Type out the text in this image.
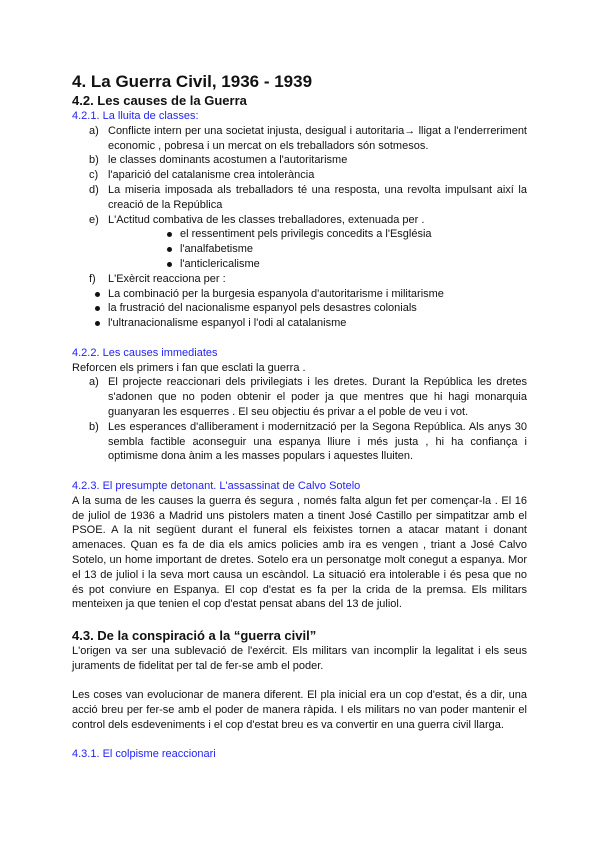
4. La Guerra Civil, 1936 - 1939
4.2. Les causes de la Guerra
4.2.1. La lluita de classes:
a) Conflicte intern per una societat injusta, desigual i autoritaria→ lligat a l'enderreriment economic , pobresa i un mercat on els treballadors són sotmesos.
b) le classes dominants acostumen a l'autoritarisme
c) l'aparició del catalanisme crea intolerància
d) La miseria imposada als treballadors té una resposta, una revolta impulsant així la creació de la República
e) L'Actitud combativa de les classes treballadores, extenuada per .
el ressentiment pels privilegis concedits a l'Església
l'analfabetisme
l'anticlericalisme
f) L'Exèrcit reacciona per :
La combinació per la burgesia espanyola d'autoritarisme i militarisme
la frustració del nacionalisme espanyol pels desastres colonials
l'ultranacionalisme espanyol i l'odi al catalanisme
4.2.2. Les causes immediates

Reforcen els primers i fan que esclati la guerra .

a) El projecte reaccionari dels privilegiats i les dretes. Durant la República les dretes s'adonen que no poden obtenir el poder ja que mentres que hi hagi monarquia guanyaran les esquerres . El seu objectiu és privar a el poble de veu i vot.
b) Les esperances d'alliberament i modernització per la Segona República. Als anys 30 sembla factible aconseguir una espanya lliure i més justa , hi ha confiança i optimisme dona ànim a les masses populars i aquestes lluiten.
4.2.3. El presumpte detonant. L'assassinat de Calvo Sotelo

A la suma de les causes la guerra és segura , només falta algun fet per començar-la . El 16 de juliol de 1936 a Madrid uns pistolers maten a tinent José Castillo per simpatitzar amb el PSOE. A la nit següent durant el funeral els feixistes tornen a atacar matant i donant amenaces. Quan es fa de dia els amics policies amb ira es vengen , triant a José Calvo Sotelo, un home important de dretes. Sotelo era un personatge molt conegut a espanya. Mor el 13 de juliol i la seva mort causa un escàndol. La situació era intolerable i és pesa que no és pot conviure en Espanya. El cop d'estat es fa per la crida de la premsa. Els militars menteixen ja que tenien el cop d'estat pensat abans del 13 de juliol.

4.3. De la conspiració a la “guerra civil”

L'origen va ser una sublevació de l'exércit. Els militars van incomplir la legalitat i els seus juraments de fidelitat per tal de fer-se amb el poder.

Les coses van evolucionar de manera diferent. El pla inicial era un cop d'estat, és a dir, una acció breu per fer-se amb el poder de manera ràpida. I els militars no van poder mantenir el control dels esdeveniments i el cop d'estat breu es va convertir en una guerra civil llarga.

4.3.1. El colpisme reaccionari
